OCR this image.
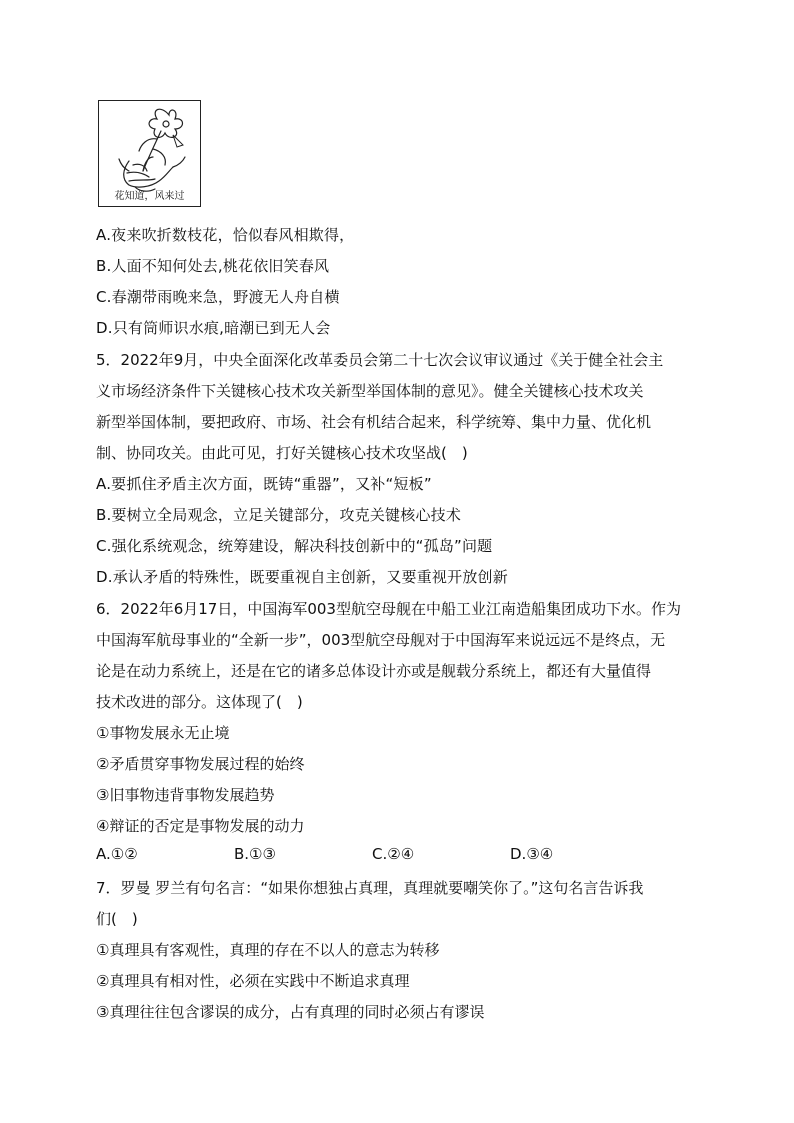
花知道，风来过
A.夜来吹折数枝花，恰似春风相欺得，
B.人面不知何处去,桃花依旧笑春风
C.春潮带雨晚来急，野渡无人舟自横
D.只有筒师识水痕,暗潮已到无人会
5．2022年9月，中央全面深化改革委员会第二十七次会议审议通过《关于健全社会主
义市场经济条件下关键核心技术攻关新型举国体制的意见》。健全关键核心技术攻关
新型举国体制，要把政府、市场、社会有机结合起来，科学统筹、集中力量、优化机
制、协同攻关。由此可见，打好关键核心技术攻坚战(　)
A.要抓住矛盾主次方面，既铸“重器”，又补“短板”
B.要树立全局观念，立足关键部分，攻克关键核心技术
C.强化系统观念，统筹建设，解决科技创新中的“孤岛”问题
D.承认矛盾的特殊性，既要重视自主创新，又要重视开放创新
6．2022年6月17日，中国海军003型航空母舰在中船工业江南造船集团成功下水。作为
中国海军航母事业的“全新一步”，003型航空母舰对于中国海军来说远远不是终点，无
论是在动力系统上，还是在它的诸多总体设计亦或是舰载分系统上，都还有大量值得
技术改进的部分。这体现了(　)
①事物发展永无止境
②矛盾贯穿事物发展过程的始终
③旧事物违背事物发展趋势
④辩证的否定是事物发展的动力
A.①②	B.①③	C.②④	D.③④
7．罗曼 罗兰有句名言：“如果你想独占真理，真理就要嘲笑你了。”这句名言告诉我
们(　)
①真理具有客观性，真理的存在不以人的意志为转移
②真理具有相对性，必须在实践中不断追求真理
③真理往往包含谬误的成分，占有真理的同时必须占有谬误
